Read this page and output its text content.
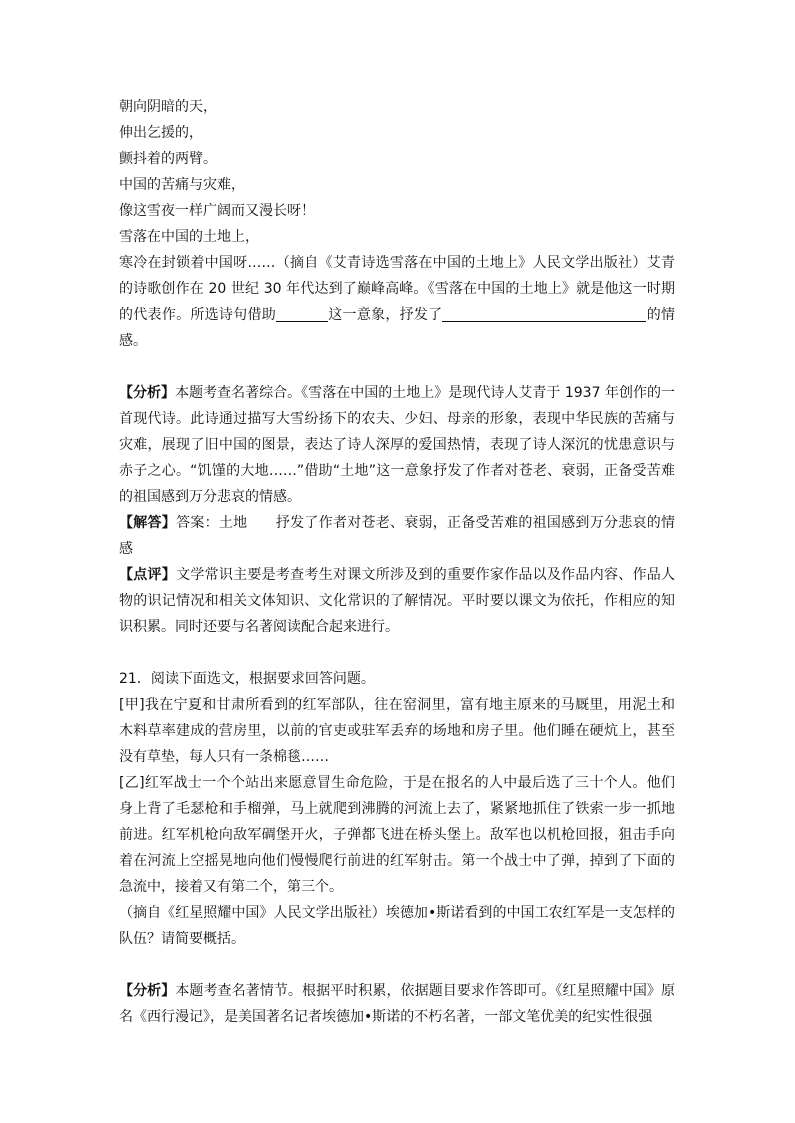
朝向阴暗的天，
伸出乞援的，
颤抖着的两臂。
中国的苦痛与灾难，
像这雪夜一样广阔而又漫长呀！
雪落在中国的土地上，

寒冷在封锁着中国呀……（摘自《艾青诗选雪落在中国的土地上》人民文学出版社）艾青的诗歌创作在 20 世纪 30 年代达到了巅峰高峰。《雪落在中国的土地上》就是他这一时期的代表作。所选诗句借助	这一意象，抒发了	的情感。

【分析】本题考查名著综合。《雪落在中国的土地上》是现代诗人艾青于 1937 年创作的一首现代诗。此诗通过描写大雪纷扬下的农夫、少妇、母亲的形象，表现中华民族的苦痛与灾难，展现了旧中国的图景，表达了诗人深厚的爱国热情，表现了诗人深沉的忧患意识与赤子之心。“饥馑的大地……”借助“土地”这一意象抒发了作者对苍老、衰弱，正备受苦难的祖国感到万分悲哀的情感。

【解答】答案：土地　　抒发了作者对苍老、衰弱，正备受苦难的祖国感到万分悲哀的情感

【点评】文学常识主要是考查考生对课文所涉及到的重要作家作品以及作品内容、作品人物的识记情况和相关文体知识、文化常识的了解情况。平时要以课文为依托，作相应的知识积累。同时还要与名著阅读配合起来进行。

21．阅读下面选文，根据要求回答问题。

[甲]我在宁夏和甘肃所看到的红军部队，往在窑洞里，富有地主原来的马厩里，用泥土和木料草率建成的营房里，以前的官吏或驻军丢弃的场地和房子里。他们睡在硬炕上，甚至没有草垫，每人只有一条棉毯……

[乙]红军战士一个个站出来愿意冒生命危险，于是在报名的人中最后选了三十个人。他们身上背了毛瑟枪和手榴弹，马上就爬到沸腾的河流上去了，紧紧地抓住了铁索一步一抓地前进。红军机枪向敌军碉堡开火，子弹都飞进在桥头堡上。敌军也以机枪回报，狙击手向着在河流上空摇晃地向他们慢慢爬行前进的红军射击。第一个战士中了弹，掉到了下面的急流中，接着又有第二个，第三个。

（摘自《红星照耀中国》人民文学出版社）埃德加•斯诺看到的中国工农红军是一支怎样的队伍？请简要概括。

【分析】本题考查名著情节。根据平时积累，依据题目要求作答即可。《红星照耀中国》原名《西行漫记》，是美国著名记者埃德加•斯诺的不朽名著，一部文笔优美的纪实性很强
